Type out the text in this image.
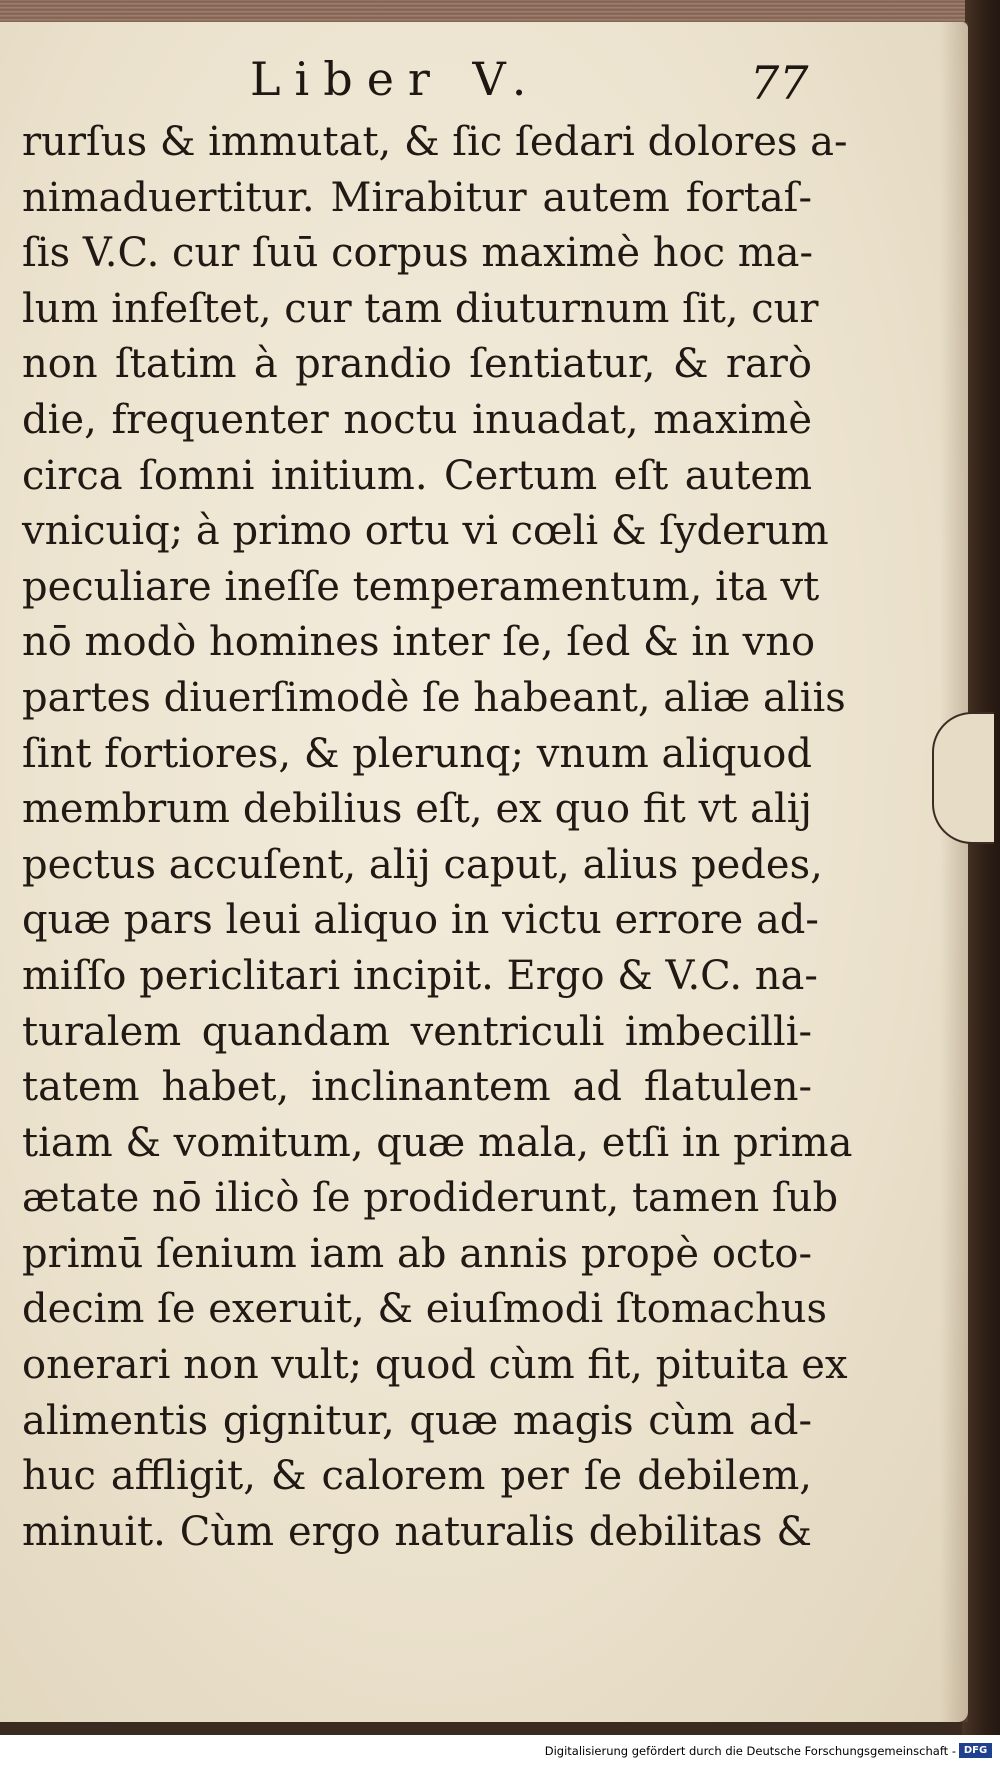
Liber V.	77
rurſus & immutat, & ſic ſedari dolores a-
nimaduertitur. Mirabitur autem fortaſ-
ſis V.C. cur ſuū corpus maximè hoc ma-
lum infeſtet, cur tam diuturnum ſit, cur
non ſtatim à prandio ſentiatur, & rarò
die, frequenter noctu inuadat, maximè
circa ſomni initium. Certum eſt autem
vnicuiq; à primo ortu vi cœli & ſyderum
peculiare ineſſe temperamentum, ita vt
nō modò homines inter ſe, ſed & in vno
partes diuerſimodè ſe habeant, aliæ aliis
ſint fortiores, & plerunq; vnum aliquod
membrum debilius eſt, ex quo fit vt alij
pectus accuſent, alij caput, alius pedes,
quæ pars leui aliquo in victu errore ad-
miſſo periclitari incipit. Ergo & V.C. na-
turalem quandam ventriculi imbecilli-
tatem habet, inclinantem ad flatulen-
tiam & vomitum, quæ mala, etſi in prima
ætate nō ilicò ſe prodiderunt, tamen ſub
primū ſenium iam ab annis propè octo-
decim ſe exeruit, & eiuſmodi ſtomachus
onerari non vult; quod cùm fit, pituita ex
alimentis gignitur, quæ magis cùm ad-
huc affligit, & calorem per ſe debilem,
minuit. Cùm ergo naturalis debilitas &
Digitalisierung gefördert durch die Deutsche Forschungsgemeinschaft - DFG
